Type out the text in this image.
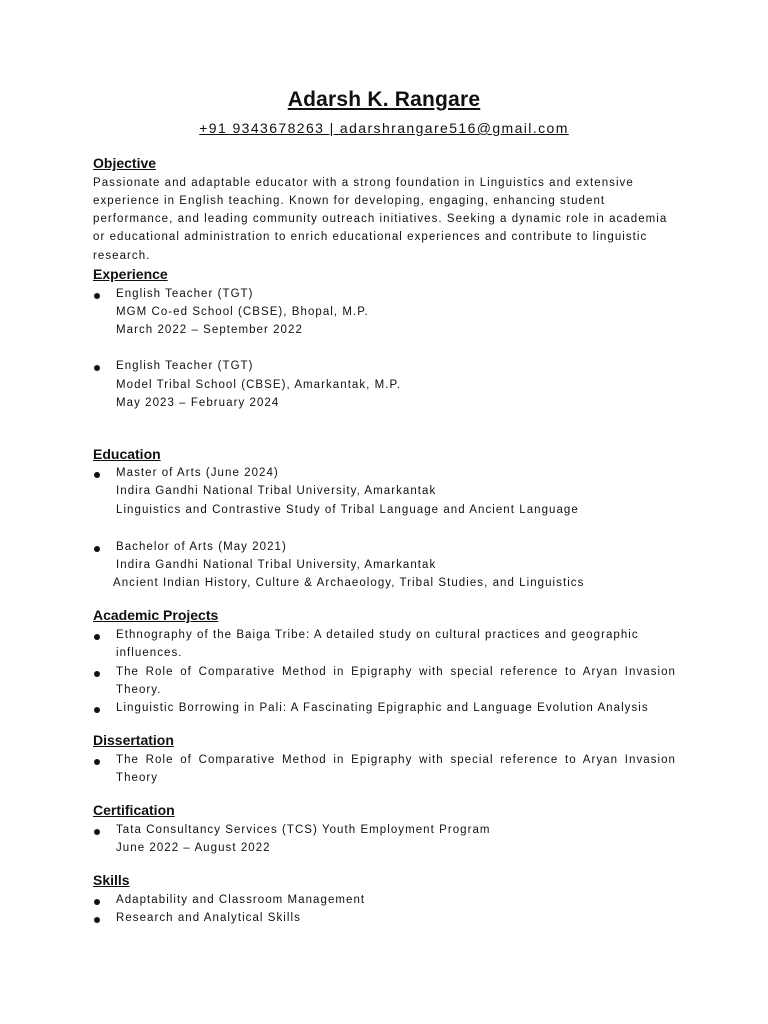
Adarsh K. Rangare
+91 9343678263 | adarshrangare516@gmail.com
Objective
Passionate and adaptable educator with a strong foundation in Linguistics and extensive
experience in English teaching. Known for developing, engaging, enhancing student
performance, and leading community outreach initiatives. Seeking a dynamic role in academia
or educational administration to enrich educational experiences and contribute to linguistic
research.
Experience
English Teacher (TGT)
MGM Co-ed School (CBSE), Bhopal, M.P.
March 2022 – September 2022
English Teacher (TGT)
Model Tribal School (CBSE), Amarkantak, M.P.
May 2023 – February 2024
Education
Master of Arts (June 2024)
Indira Gandhi National Tribal University, Amarkantak
Linguistics and Contrastive Study of Tribal Language and Ancient Language
Bachelor of Arts (May 2021)
Indira Gandhi National Tribal University, Amarkantak
Ancient Indian History, Culture & Archaeology, Tribal Studies, and Linguistics
Academic Projects
Ethnography of the Baiga Tribe: A detailed study on cultural practices and geographic
influences.
The Role of Comparative Method in Epigraphy with special reference to Aryan Invasion
Theory.
Linguistic Borrowing in Pali: A Fascinating Epigraphic and Language Evolution Analysis
Dissertation
The Role of Comparative Method in Epigraphy with special reference to Aryan Invasion
Theory
Certification
Tata Consultancy Services (TCS) Youth Employment Program
June 2022 – August 2022
Skills
Adaptability and Classroom Management
Research and Analytical Skills
